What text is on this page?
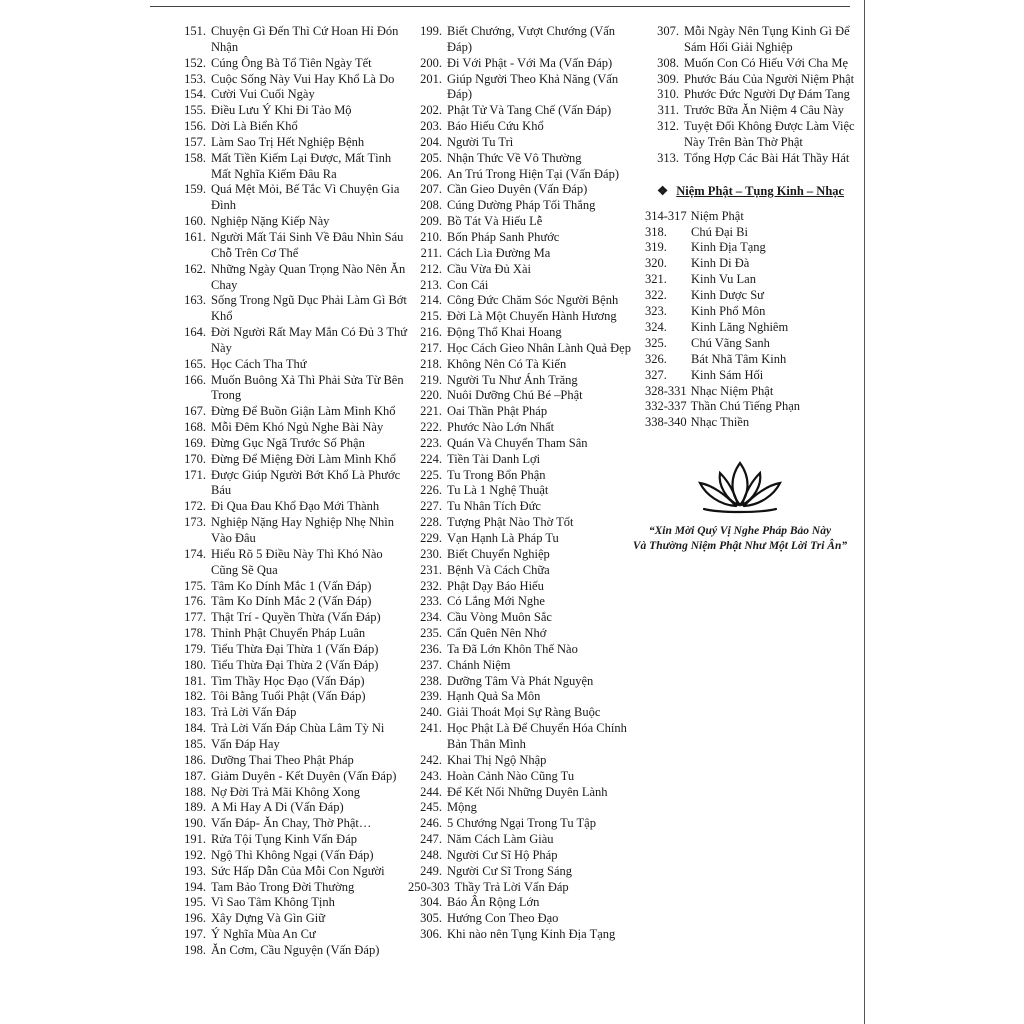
151. Chuyện Gì Đến Thì Cứ Hoan Hỉ Đón Nhận
152. Cúng Ông Bà Tổ Tiên Ngày Tết
153. Cuộc Sống Này Vui Hay Khổ Là Do
154. Cười Vui Cuối Ngày
155. Điều Lưu Ý Khi Đi Tảo Mộ
156. Dời Là Biển Khổ
157. Làm Sao Trị Hết Nghiệp Bệnh
158. Mất Tiền Kiếm Lại Được, Mất Tình Mất Nghĩa Kiếm Đâu Ra
159. Quá Mệt Mỏi, Bế Tắc Vì Chuyện Gia Đình
160. Nghiệp Nặng Kiếp Này
161. Người Mất Tái Sinh Về Đâu Nhìn Sáu Chỗ Trên Cơ Thể
162. Những Ngày Quan Trọng Nào Nên Ăn Chay
163. Sống Trong Ngũ Dục Phải Làm Gì Bớt Khổ
164. Đời Người Rất May Mắn Có Đủ 3 Thứ Này
165. Học Cách Tha Thứ
166. Muốn Buông Xả Thì Phải Sửa Từ Bên Trong
167. Đừng Để Buồn Giận Làm Mình Khổ
168. Mỗi Đêm Khó Ngủ Nghe Bài Này
169. Đừng Gục Ngã Trước Số Phận
170. Đừng Để Miệng Đời Làm Mình Khổ
171. Được Giúp Người Bớt Khổ Là Phước Báu
172. Đi Qua Đau Khổ Đạo Mới Thành
173. Nghiệp Nặng Hay Nghiệp Nhẹ Nhìn Vào Đâu
174. Hiểu Rõ 5 Điều Này Thì Khó Nào Cũng Sẽ Qua
175. Tâm Ko Dính Mắc 1 (Vấn Đáp)
176. Tâm Ko Dính Mắc 2 (Vấn Đáp)
177. Thật Trí - Quyền Thừa (Vấn Đáp)
178. Thỉnh Phật Chuyển Pháp Luân
179. Tiểu Thừa Đại Thừa 1 (Vấn Đáp)
180. Tiểu Thừa Đại Thừa 2 (Vấn Đáp)
181. Tìm Thầy Học Đạo (Vấn Đáp)
182. Tôi Bằng Tuổi Phật (Vấn Đáp)
183. Trả Lời Vấn Đáp
184. Trả Lời Vấn Đáp Chùa Lâm Tỳ Ni
185. Vấn Đáp Hay
186. Dưỡng Thai Theo Phật Pháp
187. Giảm Duyên - Kết Duyên (Vấn Đáp)
188. Nợ Đời Trả Mãi Không Xong
189. A Mi Hay A Di (Vấn Đáp)
190. Vấn Đáp- Ăn Chay, Thờ Phật…
191. Rửa Tội Tụng Kinh Vấn Đáp
192. Ngộ Thì Không Ngại (Vấn Đáp)
193. Sức Hấp Dẫn Của Mỗi Con Người
194. Tam Bảo Trong Đời Thường
195. Vì Sao Tâm Không Tịnh
196. Xây Dựng Và Gìn Giữ
197. Ý Nghĩa Mùa An Cư
198. Ăn Cơm, Cầu Nguyện (Vấn Đáp)
199. Biết Chướng, Vượt Chướng (Vấn Đáp)
200. Đi Với Phật - Với Ma (Vấn Đáp)
201. Giúp Người Theo Khả Năng (Vấn Đáp)
202. Phật Tử Và Tang Chế (Vấn Đáp)
203. Báo Hiếu Cứu Khổ
204. Người Tu Trì
205. Nhận Thức Về Vô Thường
206. An Trú Trong Hiện Tại (Vấn Đáp)
207. Cần Gieo Duyên (Vấn Đáp)
208. Cúng Dường Pháp Tối Thắng
209. Bồ Tát Và Hiếu Lễ
210. Bốn Pháp Sanh Phước
211. Cách Lìa Đường Ma
212. Cầu Vừa Đủ Xài
213. Con Cái
214. Công Đức Chăm Sóc Người Bệnh
215. Đời Là Một Chuyến Hành Hương
216. Động Thổ Khai Hoang
217. Học Cách Gieo Nhân Lành Quả Đẹp
218. Không Nên Có Tà Kiến
219. Người Tu Như Ánh Trăng
220. Nuôi Dưỡng Chú Bé –Phật
221. Oai Thần Phật Pháp
222. Phước Nào Lớn Nhất
223. Quán Và Chuyển Tham Sân
224. Tiền Tài Danh Lợi
225. Tu Trong Bổn Phận
226. Tu Là 1 Nghệ Thuật
227. Tu Nhân Tích Đức
228. Tượng Phật Nào Thờ Tốt
229. Vạn Hạnh Là Pháp Tu
230. Biết Chuyển Nghiệp
231. Bệnh Và Cách Chữa
232. Phật Dạy Báo Hiếu
233. Có Lắng Mới Nghe
234. Cầu Vòng Muôn Sắc
235. Cẩn Quên Nên Nhớ
236. Ta Đã Lớn Khôn Thế Nào
237. Chánh Niệm
238. Dưỡng Tâm Và Phát Nguyện
239. Hạnh Quả Sa Môn
240. Giải Thoát Mọi Sự Ràng Buộc
241. Học Phật Là Để Chuyển Hóa Chính Bản Thân Mình
242. Khai Thị Ngộ Nhập
243. Hoàn Cảnh Nào Cũng Tu
244. Để Kết Nối Những Duyên Lành
245. Mộng
246. 5 Chướng Ngại Trong Tu Tập
247. Năm Cách Làm Giàu
248. Người Cư Sĩ Hộ Pháp
249. Người Cư Sĩ Trong Sáng
250-303 Thầy Trả Lời Vấn Đáp
304. Báo Ân Rộng Lớn
305. Hướng Con Theo Đạo
306. Khi nào nên Tụng Kinh Địa Tạng
307. Mỗi Ngày Nên Tụng Kinh Gì Để Sám Hối Giải Nghiệp
308. Muốn Con Có Hiếu Với Cha Mẹ
309. Phước Báu Của Người Niệm Phật
310. Phước Đức Người Dự Đám Tang
311. Trước Bữa Ăn Niệm 4 Câu Này
312. Tuyệt Đối Không Được Làm Việc Này Trên Bàn Thờ Phật
313. Tổng Hợp Các Bài Hát Thầy Hát
❖ Niệm Phật – Tụng Kinh – Nhạc
314-317 Niệm Phật
318. Chú Đại Bi
319. Kinh Địa Tạng
320. Kinh Di Đà
321. Kinh Vu Lan
322. Kinh Dược Sư
323. Kinh Phổ Môn
324. Kinh Lăng Nghiêm
325. Chú Vãng Sanh
326. Bát Nhã Tâm Kinh
327. Kinh Sám Hối
328-331 Nhạc Niệm Phật
332-337 Thần Chú Tiếng Phạn
338-340 Nhạc Thiền
“Xin Mời Quý Vị Nghe Pháp Bảo Này
Và Thường Niệm Phật Như Một Lời Tri Ân”
